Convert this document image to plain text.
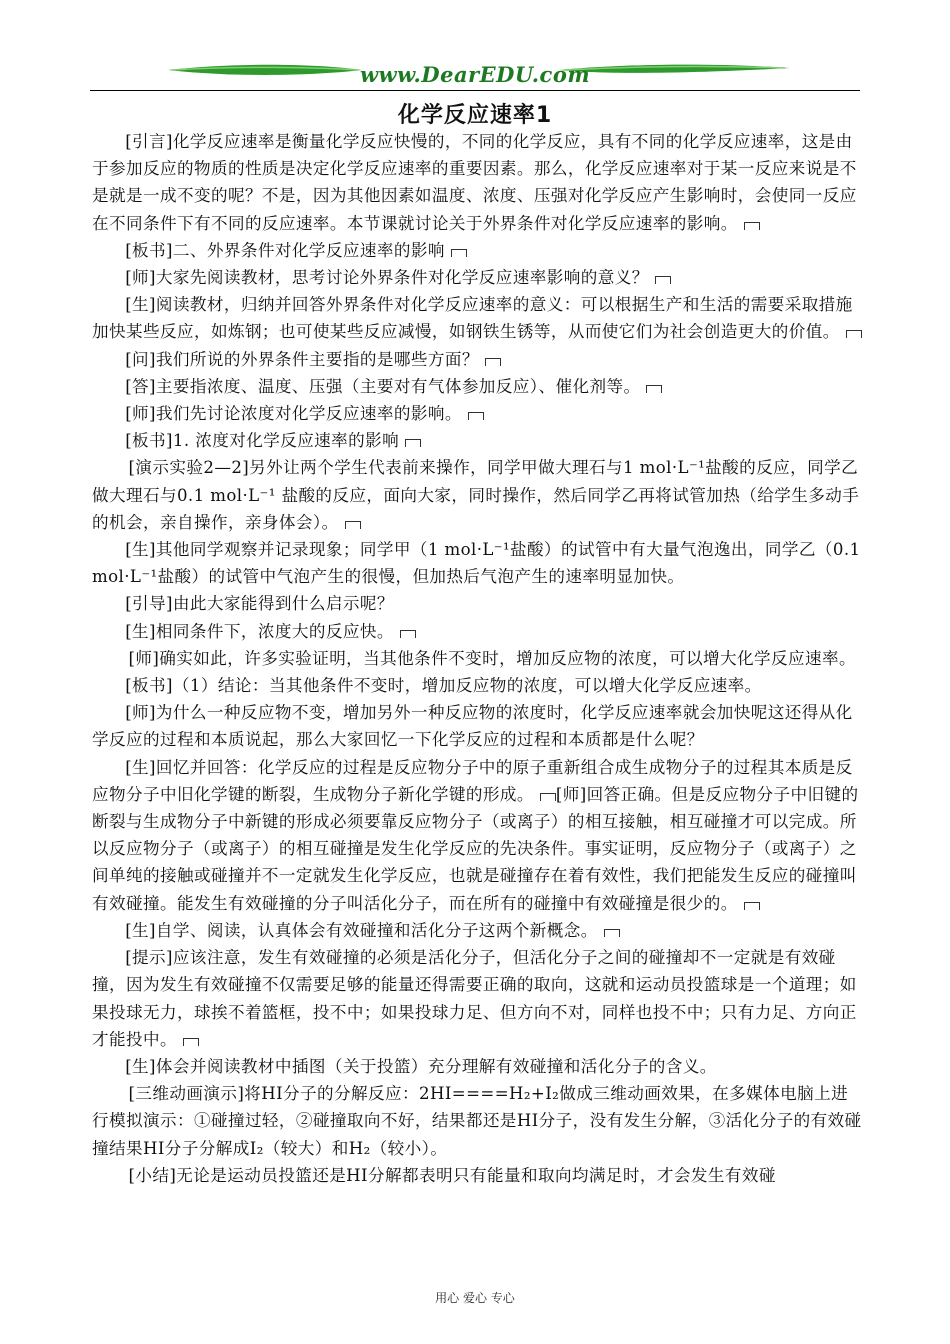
www.DearEDU.com
化学反应速率1

[引言]化学反应速率是衡量化学反应快慢的，不同的化学反应，具有不同的化学反应速率，这是由于参加反应的物质的性质是决定化学反应速率的重要因素。那么，化学反应速率对于某一反应来说是不是就是一成不变的呢？不是，因为其他因素如温度、浓度、压强对化学反应产生影响时，会使同一反应在不同条件下有不同的反应速率。本节课就讨论关于外界条件对化学反应速率的影响。

[板书]二、外界条件对化学反应速率的影响

[师]大家先阅读教材，思考讨论外界条件对化学反应速率影响的意义？

[生]阅读教材，归纳并回答外界条件对化学反应速率的意义：可以根据生产和生活的需要采取措施加快某些反应，如炼钢；也可使某些反应减慢，如钢铁生锈等，从而使它们为社会创造更大的价值。

[问]我们所说的外界条件主要指的是哪些方面？

[答]主要指浓度、温度、压强（主要对有气体参加反应）、催化剂等。

[师]我们先讨论浓度对化学反应速率的影响。

[板书]1. 浓度对化学反应速率的影响

[演示实验2—2]另外让两个学生代表前来操作，同学甲做大理石与1 mol·L⁻¹盐酸的反应，同学乙做大理石与0.1 mol·L⁻¹ 盐酸的反应，面向大家，同时操作，然后同学乙再将试管加热（给学生多动手的机会，亲自操作，亲身体会）。

[生]其他同学观察并记录现象；同学甲（1 mol·L⁻¹盐酸）的试管中有大量气泡逸出，同学乙（0.1 mol·L⁻¹盐酸）的试管中气泡产生的很慢，但加热后气泡产生的速率明显加快。

[引导]由此大家能得到什么启示呢？

[生]相同条件下，浓度大的反应快。

[师]确实如此，许多实验证明，当其他条件不变时，增加反应物的浓度，可以增大化学反应速率。

[板书]（1）结论：当其他条件不变时，增加反应物的浓度，可以增大化学反应速率。

[师]为什么一种反应物不变，增加另外一种反应物的浓度时，化学反应速率就会加快呢这还得从化学反应的过程和本质说起，那么大家回忆一下化学反应的过程和本质都是什么呢？

[生]回忆并回答：化学反应的过程是反应物分子中的原子重新组合成生成物分子的过程其本质是反应物分子中旧化学键的断裂，生成物分子新化学键的形成。 [师]回答正确。但是反应物分子中旧键的断裂与生成物分子中新键的形成必须要靠反应物分子（或离子）的相互接触，相互碰撞才可以完成。所以反应物分子（或离子）的相互碰撞是发生化学反应的先决条件。事实证明，反应物分子（或离子）之间单纯的接触或碰撞并不一定就发生化学反应，也就是碰撞存在着有效性，我们把能发生反应的碰撞叫有效碰撞。能发生有效碰撞的分子叫活化分子，而在所有的碰撞中有效碰撞是很少的。

[生]自学、阅读，认真体会有效碰撞和活化分子这两个新概念。

[提示]应该注意，发生有效碰撞的必须是活化分子，但活化分子之间的碰撞却不一定就是有效碰撞，因为发生有效碰撞不仅需要足够的能量还得需要正确的取向，这就和运动员投篮球是一个道理；如果投球无力，球挨不着篮框，投不中；如果投球力足、但方向不对，同样也投不中；只有力足、方向正才能投中。

[生]体会并阅读教材中插图（关于投篮）充分理解有效碰撞和活化分子的含义。

[三维动画演示]将HI分子的分解反应：2HI====H₂+I₂做成三维动画效果，在多媒体电脑上进行模拟演示：①碰撞过轻，②碰撞取向不好，结果都还是HI分子，没有发生分解，③活化分子的有效碰撞结果HI分子分解成I₂（较大）和H₂（较小）。

[小结]无论是运动员投篮还是HI分解都表明只有能量和取向均满足时，才会发生有效碰

用心 爱心 专心
